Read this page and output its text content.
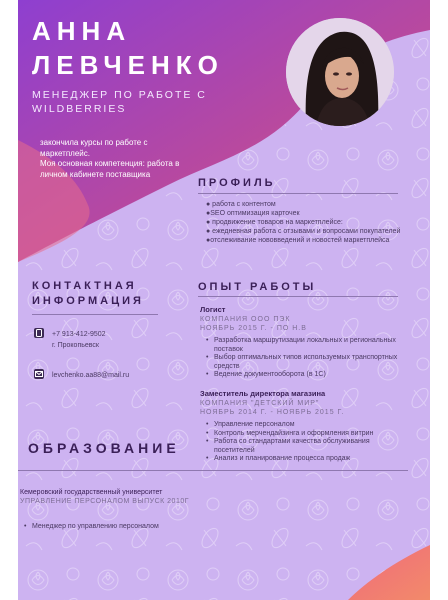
АННА
ЛЕВЧЕНКО
МЕНЕДЖЕР ПО РАБОТЕ С WILDBERRIES
закончила курсы по работе с маркетплейс.
Моя основная компетенция: работа в личном кабинете поставщика
ПРОФИЛЬ
● работа с контентом
●SEO оптимизация карточек
● продвижение товаров на маркетплейсе:
● ежедневная работа с отзывами и вопросами покупателей
●отслеживание нововведений и новостей маркетплейса
КОНТАКТНАЯ
ИНФОРМАЦИЯ
+7 913-412-9502
г. Прокопьевск
levchenko.aa88@mail.ru
ОПЫТ РАБОТЫ
Логист
КОМПАНИЯ ООО ПЭК
НОЯБРЬ 2015 Г. - ПО Н.В
• Разработка маршрутизации локальных и региональных поставок
• Выбор оптимальных типов используемых транспортных средств
• Ведение документооборота (в 1С)
Заместитель директора магазина
КОМПАНИЯ "ДЕТСКИЙ МИР"
НОЯБРЬ 2014 Г. - НОЯБРЬ 2015 Г.
• Управление персоналом
• Контроль мерчендайзинга и оформления витрин
• Работа со стандартами качества обслуживания посетителей
• Анализ и планирование процесса продаж
ОБРАЗОВАНИЕ
Кемеровский государственный университет
УПРАВЛЕНИЕ ПЕРСОНАЛОМ ВЫПУСК 2010Г
• Менеджер по управлению персоналом
